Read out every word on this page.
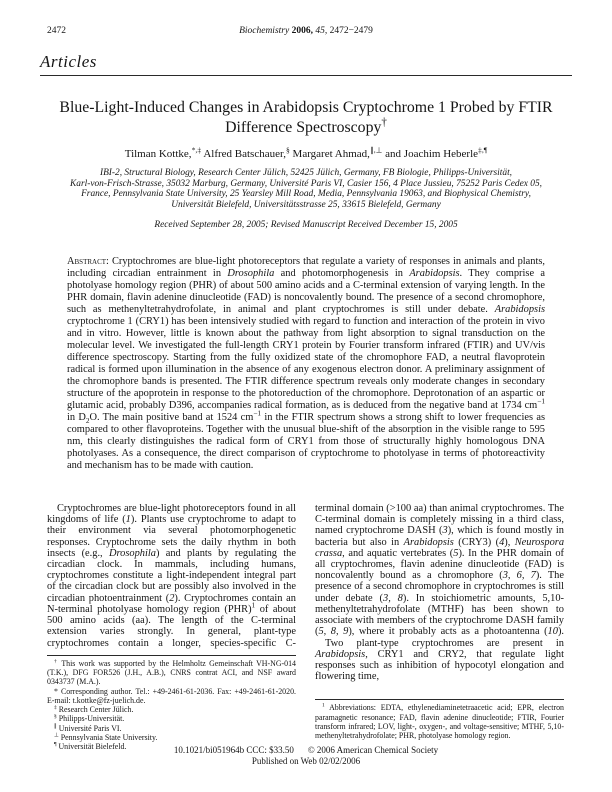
2472	Biochemistry 2006, 45, 2472−2479
Articles
Blue-Light-Induced Changes in Arabidopsis Cryptochrome 1 Probed by FTIR
Difference Spectroscopy†
Tilman Kottke,*,‡ Alfred Batschauer,§ Margaret Ahmad,∥,⊥ and Joachim Heberle‡,¶
IBI-2, Structural Biology, Research Center Jülich, 52425 Jülich, Germany, FB Biologie, Philipps-Universität,
Karl-von-Frisch-Strasse, 35032 Marburg, Germany, Université Paris VI, Casier 156, 4 Place Jussieu, 75252 Paris Cedex 05,
France, Pennsylvania State University, 25 Yearsley Mill Road, Media, Pennsylvania 19063, and Biophysical Chemistry,
Universität Bielefeld, Universitätsstrasse 25, 33615 Bielefeld, Germany
Received September 28, 2005; Revised Manuscript Received December 15, 2005

Abstract: Cryptochromes are blue-light photoreceptors that regulate a variety of responses in animals and plants, including circadian entrainment in Drosophila and photomorphogenesis in Arabidopsis. They comprise a photolyase homology region (PHR) of about 500 amino acids and a C-terminal extension of varying length. In the PHR domain, flavin adenine dinucleotide (FAD) is noncovalently bound. The presence of a second chromophore, such as methenyltetrahydrofolate, in animal and plant cryptochromes is still under debate. Arabidopsis cryptochrome 1 (CRY1) has been intensively studied with regard to function and interaction of the protein in vivo and in vitro. However, little is known about the pathway from light absorption to signal transduction on the molecular level. We investigated the full-length CRY1 protein by Fourier transform infrared (FTIR) and UV/vis difference spectroscopy. Starting from the fully oxidized state of the chromophore FAD, a neutral flavoprotein radical is formed upon illumination in the absence of any exogenous electron donor. A preliminary assignment of the chromophore bands is presented. The FTIR difference spectrum reveals only moderate changes in secondary structure of the apoprotein in response to the photoreduction of the chromophore. Deprotonation of an aspartic or glutamic acid, probably D396, accompanies radical formation, as is deduced from the negative band at 1734 $cm^{-1}$ in $D_2O$. The main positive band at 1524 $cm^{-1}$ in the FTIR spectrum shows a strong shift to lower frequencies as compared to other flavoproteins. Together with the unusual blue-shift of the absorption in the visible range to 595 nm, this clearly distinguishes the radical form of CRY1 from those of structurally highly homologous DNA photolyases. As a consequence, the direct comparison of cryptochrome to photolyase in terms of photoreactivity and mechanism has to be made with caution.

Cryptochromes are blue-light photoreceptors found in all kingdoms of life (1). Plants use cryptochrome to adapt to their environment via several photomorphogenetic responses. Cryptochrome sets the daily rhythm in both insects (e.g., Drosophila) and plants by regulating the circadian clock. In mammals, including humans, cryptochromes constitute a light-independent integral part of the circadian clock but are possibly also involved in the circadian photoentrainment (2). Cryptochromes contain an N-terminal photolyase homology region (PHR)$^1$ of about 500 amino acids (aa). The length of the C-terminal extension varies strongly. In general, plant-type cryptochromes contain a longer, species-specific C-

† This work was supported by the Helmholtz Gemeinschaft VH-NG-014 (T.K.), DFG FOR526 (J.H., A.B.), CNRS contrat ACI, and NSF award 0343737 (M.A.).

* Corresponding author. Tel.: +49-2461-61-2036. Fax: +49-2461-61-2020. E-mail: t.kottke@fz-juelich.de.

‡ Research Center Jülich.

§ Philipps-Universität.

∥ Université Paris VI.

⊥ Pennsylvania State University.

¶ Universität Bielefeld.

terminal domain (>100 aa) than animal cryptochromes. The C-terminal domain is completely missing in a third class, named cryptochrome DASH (3), which is found mostly in bacteria but also in Arabidopsis (CRY3) (4), Neurospora crassa, and aquatic vertebrates (5). In the PHR domain of all cryptochromes, flavin adenine dinucleotide (FAD) is noncovalently bound as a chromophore (3, 6, 7). The presence of a second chromophore in cryptochromes is still under debate (3, 8). In stoichiometric amounts, 5,10-methenyltetrahydrofolate (MTHF) has been shown to associate with members of the cryptochrome DASH family (5, 8, 9), where it probably acts as a photoantenna (10).

Two plant-type cryptochromes are present in Arabidopsis, CRY1 and CRY2, that regulate light responses such as inhibition of hypocotyl elongation and flowering time,

$^1$ Abbreviations: EDTA, ethylenediaminetetraacetic acid; EPR, electron paramagnetic resonance; FAD, flavin adenine dinucleotide; FTIR, Fourier transform infrared; LOV, light-, oxygen-, and voltage-sensitive; MTHF, 5,10-methenyltetrahydrofolate; PHR, photolyase homology region.

10.1021/bi051964b CCC: $33.50 © 2006 American Chemical Society
Published on Web 02/02/2006
